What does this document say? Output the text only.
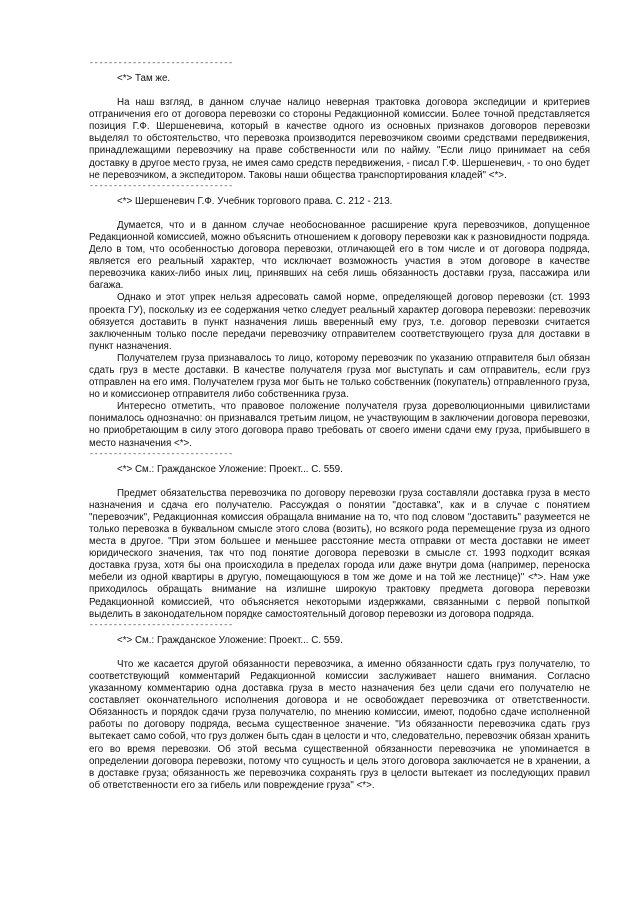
------------------------------

<*> Там же.

На наш взгляд, в данном случае налицо неверная трактовка договора экспедиции и критериев отграничения его от договора перевозки со стороны Редакционной комиссии. Более точной представляется позиция Г.Ф. Шершеневича, который в качестве одного из основных признаков договоров перевозки выделял то обстоятельство, что перевозка производится перевозчиком своими средствами передвижения, принадлежащими перевозчику на праве собственности или по найму. "Если лицо принимает на себя доставку в другое место груза, не имея само средств передвижения, - писал Г.Ф. Шершеневич, - то оно будет не перевозчиком, а экспедитором. Таковы наши общества транспортирования кладей" <*>.

------------------------------

<*> Шершеневич Г.Ф. Учебник торгового права. С. 212 - 213.

Думается, что и в данном случае необоснованное расширение круга перевозчиков, допущенное Редакционной комиссией, можно объяснить отношением к договору перевозки как к разновидности подряда. Дело в том, что особенностью договора перевозки, отличающей его в том числе и от договора подряда, является его реальный характер, что исключает возможность участия в этом договоре в качестве перевозчика каких-либо иных лиц, принявших на себя лишь обязанность доставки груза, пассажира или багажа.

Однако и этот упрек нельзя адресовать самой норме, определяющей договор перевозки (ст. 1993 проекта ГУ), поскольку из ее содержания четко следует реальный характер договора перевозки: перевозчик обязуется доставить в пункт назначения лишь вверенный ему груз, т.е. договор перевозки считается заключенным только после передачи перевозчику отправителем соответствующего груза для доставки в пункт назначения.

Получателем груза признавалось то лицо, которому перевозчик по указанию отправителя был обязан сдать груз в месте доставки. В качестве получателя груза мог выступать и сам отправитель, если груз отправлен на его имя. Получателем груза мог быть не только собственник (покупатель) отправленного груза, но и комиссионер отправителя либо собственника груза.

Интересно отметить, что правовое положение получателя груза дореволюционными цивилистами понималось однозначно: он признавался третьим лицом, не участвующим в заключении договора перевозки, но приобретающим в силу этого договора право требовать от своего имени сдачи ему груза, прибывшего в место назначения <*>.

------------------------------

<*> См.: Гражданское Уложение: Проект... С. 559.

Предмет обязательства перевозчика по договору перевозки груза составляли доставка груза в место назначения и сдача его получателю. Рассуждая о понятии "доставка", как и в случае с понятием "перевозчик", Редакционная комиссия обращала внимание на то, что под словом "доставить" разумеется не только перевозка в буквальном смысле этого слова (возить), но всякого рода перемещение груза из одного места в другое. "При этом большее и меньшее расстояние места отправки от места доставки не имеет юридического значения, так что под понятие договора перевозки в смысле ст. 1993 подходит всякая доставка груза, хотя бы она происходила в пределах города или даже внутри дома (например, переноска мебели из одной квартиры в другую, помещающуюся в том же доме и на той же лестнице)" <*>. Нам уже приходилось обращать внимание на излишне широкую трактовку предмета договора перевозки Редакционной комиссией, что объясняется некоторыми издержками, связанными с первой попыткой выделить в законодательном порядке самостоятельный договор перевозки из договора подряда.

------------------------------

<*> См.: Гражданское Уложение: Проект... С. 559.

Что же касается другой обязанности перевозчика, а именно обязанности сдать груз получателю, то соответствующий комментарий Редакционной комиссии заслуживает нашего внимания. Согласно указанному комментарию одна доставка груза в место назначения без цели сдачи его получателю не составляет окончательного исполнения договора и не освобождает перевозчика от ответственности. Обязанность и порядок сдачи груза получателю, по мнению комиссии, имеют, подобно сдаче исполненной работы по договору подряда, весьма существенное значение. "Из обязанности перевозчика сдать груз вытекает само собой, что груз должен быть сдан в целости и что, следовательно, перевозчик обязан хранить его во время перевозки. Об этой весьма существенной обязанности перевозчика не упоминается в определении договора перевозки, потому что сущность и цель этого договора заключается не в хранении, а в доставке груза; обязанность же перевозчика сохранять груз в целости вытекает из последующих правил об ответственности его за гибель или повреждение груза" <*>.
